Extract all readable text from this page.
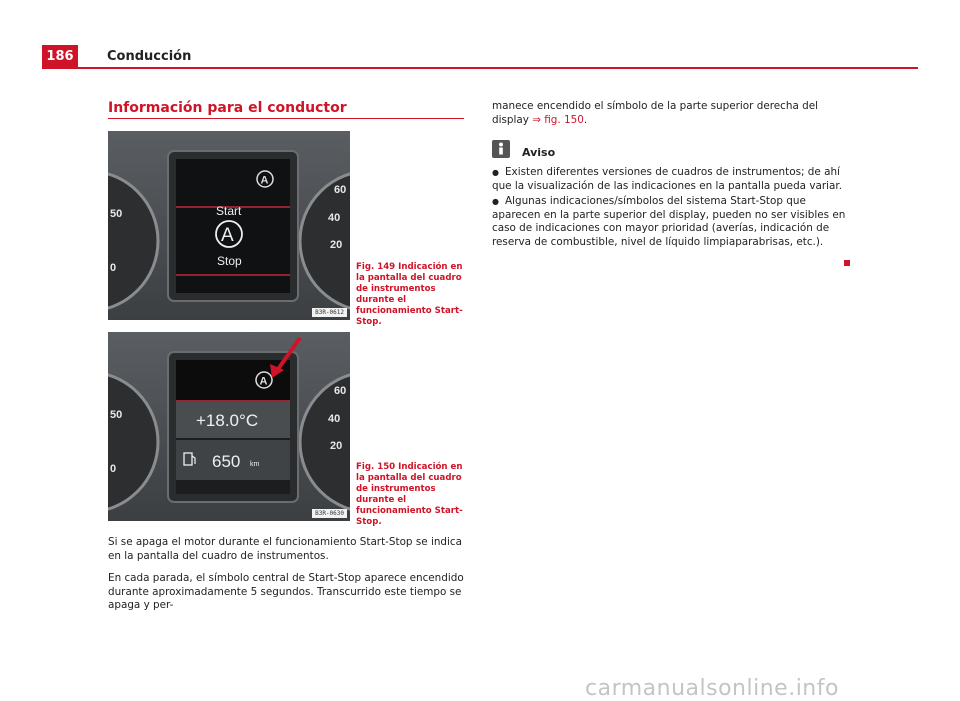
186	Conducción
Información para el conductor
50
0
60
40
20
A
Start
A
Stop
B3R-0612
Fig. 149 Indicación en la pantalla del cuadro de instrumentos durante el funcionamiento Start-Stop.
50
0
60
40
20
A
+18.0°C
650 km
B3R-0630
Fig. 150 Indicación en la pantalla del cuadro de instrumentos durante el funcionamiento Start-Stop.
Si se apaga el motor durante el funcionamiento Start-Stop se indica en la pantalla del cuadro de instrumentos.
En cada parada, el símbolo central de Start-Stop aparece encendido durante aproximadamente 5 segundos. Transcurrido este tiempo se apaga y per-
manece encendido el símbolo de la parte superior derecha del display ⇒ fig. 150.
Aviso
● Existen diferentes versiones de cuadros de instrumentos; de ahí que la visualización de las indicaciones en la pantalla pueda variar.
● Algunas indicaciones/símbolos del sistema Start-Stop que aparecen en la parte superior del display, pueden no ser visibles en caso de indicaciones con mayor prioridad (averías, indicación de reserva de combustible, nivel de líquido limpiaparabrisas, etc.).
carmanualsonline.info
